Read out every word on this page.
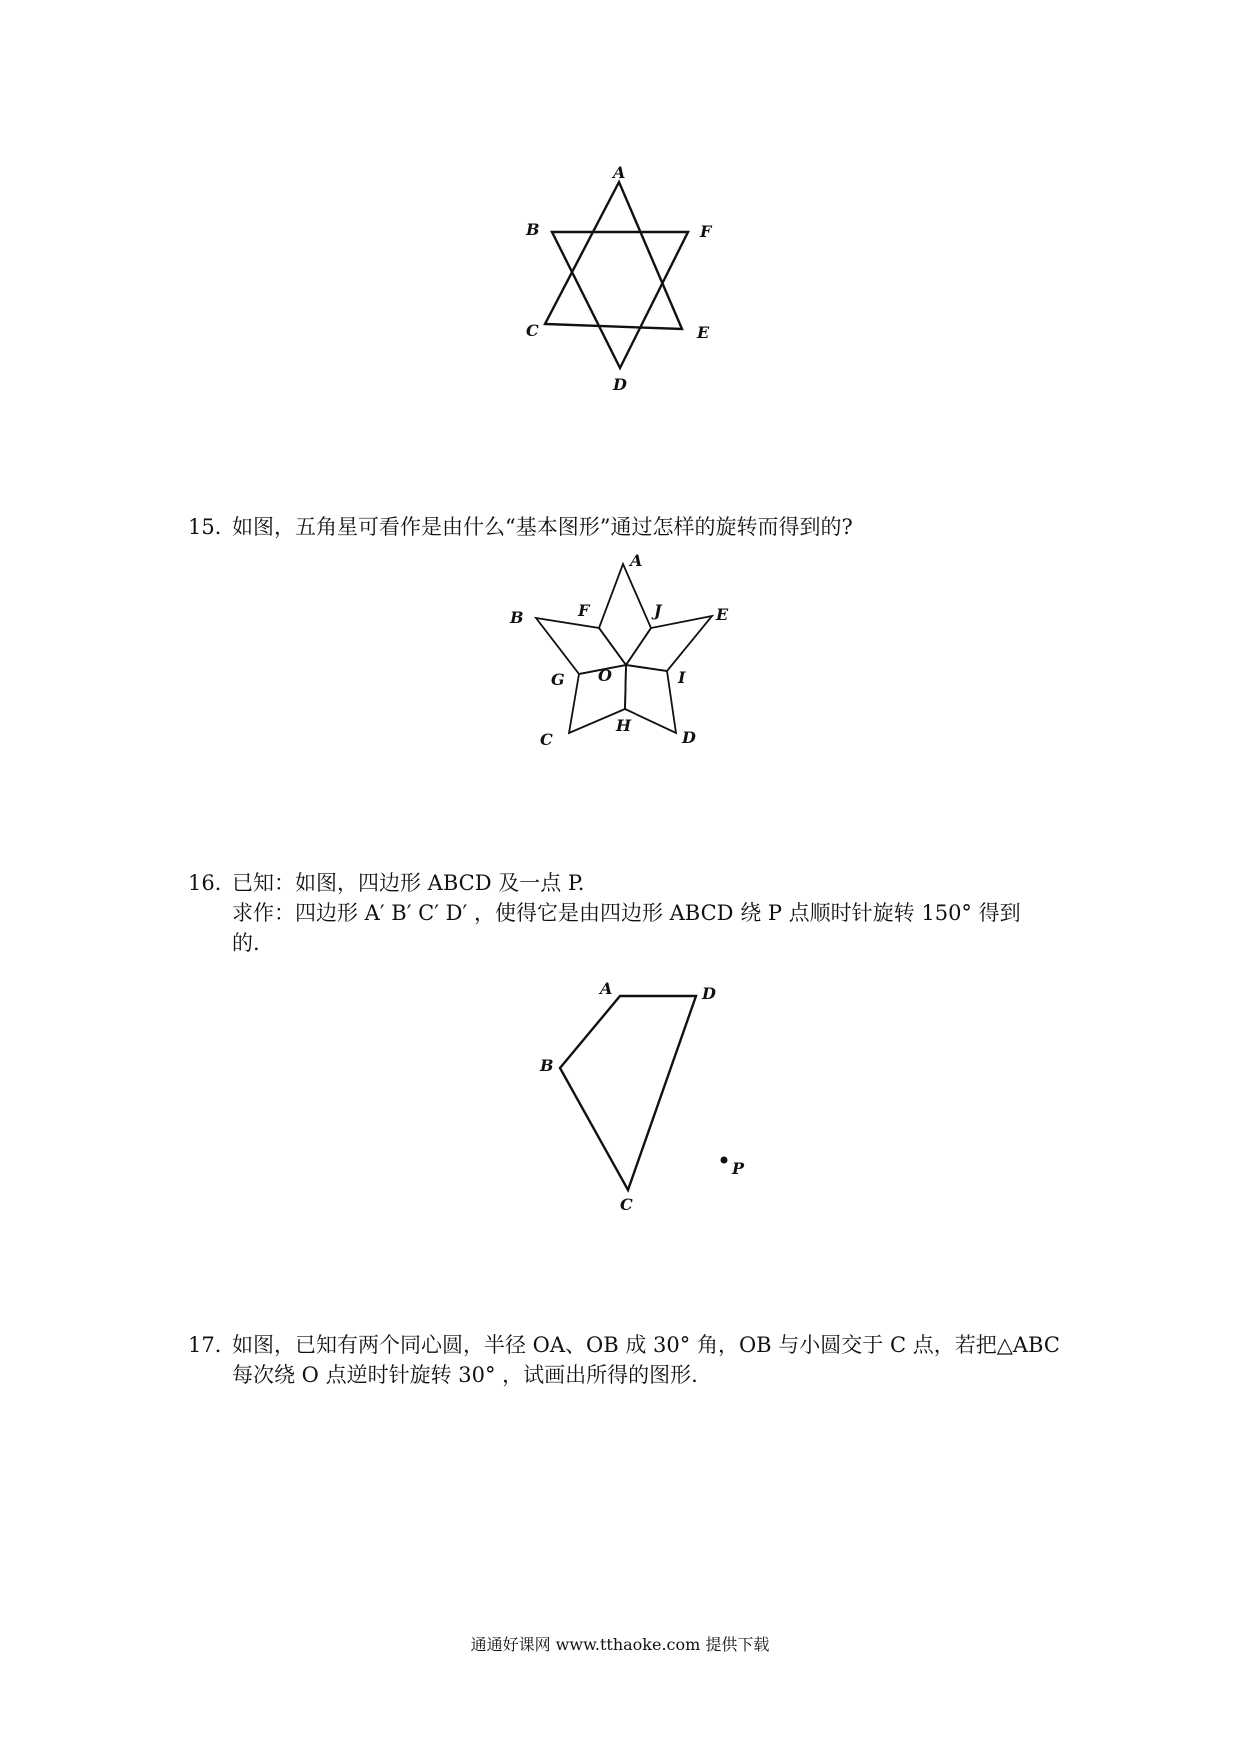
A
B	F
C	E
D
15．如图，五角星可看作是由什么“基本图形”通过怎样的旋转而得到的?
A
F	J
B	E
G O	I
C
H
D
16．已知：如图，四边形 ABCD 及一点 P.
求作：四边形 A′ B′ C′ D′ ，使得它是由四边形 ABCD 绕 P 点顺时针旋转 150° 得到
的.
A	D
B
C
P
17．如图，已知有两个同心圆，半径 OA、OB 成 30° 角，OB 与小圆交于 C 点，若把△ABC
每次绕 O 点逆时针旋转 30° ，试画出所得的图形.
通通好课网 www.tthaoke.com 提供下载
